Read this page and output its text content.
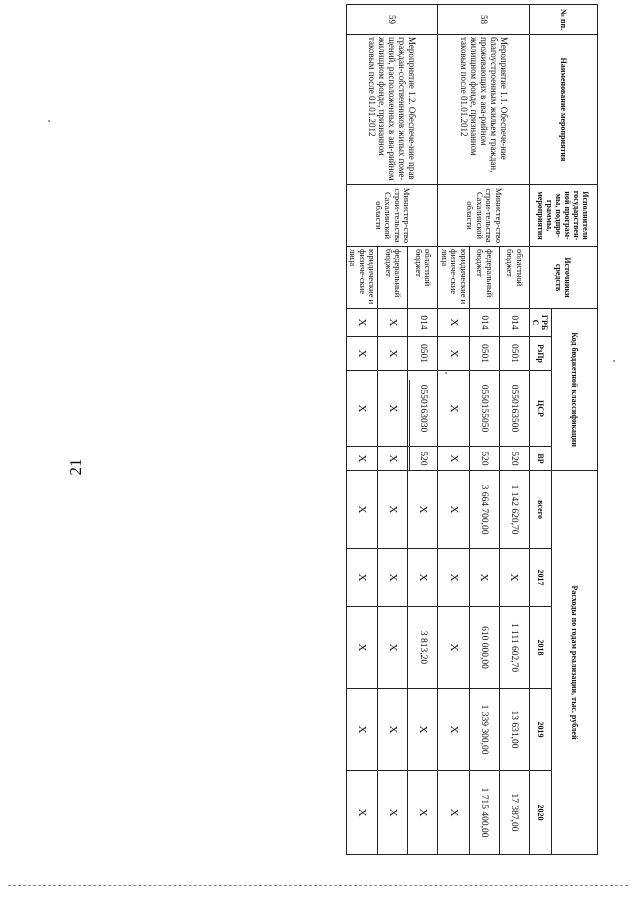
21
№ пп.	Наименование мероприятия	Исполнители государствен-ной програм-мы, подпро-граммы, мероприятия	Источники средств	Код бюджетной классификации				Расходы по годам реализации, тыс. рублей				
				ГРБ С	РзПр	ЦСР	ВР	всего	2017	2018	2019	2020
58	Мероприятие 1.1. Обеспече-ние благоустроенным жильем граждан, проживающих в ава-рийном жилищном фонде, признанном таковым после 01.01.2012	Министер-ство строи-тельства Сахалинской области	областной бюджет	014	0501	0550163500	520	1 142 620,70	X	1 111 602,70	13 631,00	17 387,00
			федеральный бюджет	014	0501	0550155050	520	3 664 700,00	X	610 000,00	1 339 300,00	1 715 400,00
			юридические и физиче-ские лица	X	X	X	X	X	X	X	X	X
59	Мероприятие 1.2. Обеспече-ние прав граждан-собственников жилых поме-щений, расположенных в ава-рийном жилищном фонде, признанном таковым после 01.01.2012	Министер-ство строи-тельства Сахалинской области	областной бюджет	014	0501	0550163030	520	X	X	3 813,20	X	X
			федеральный бюджет	X	X	X	X	X	X	X	X	X
			юридические и физиче-ские лица	X	X	X	X	X	X	X	X	X
